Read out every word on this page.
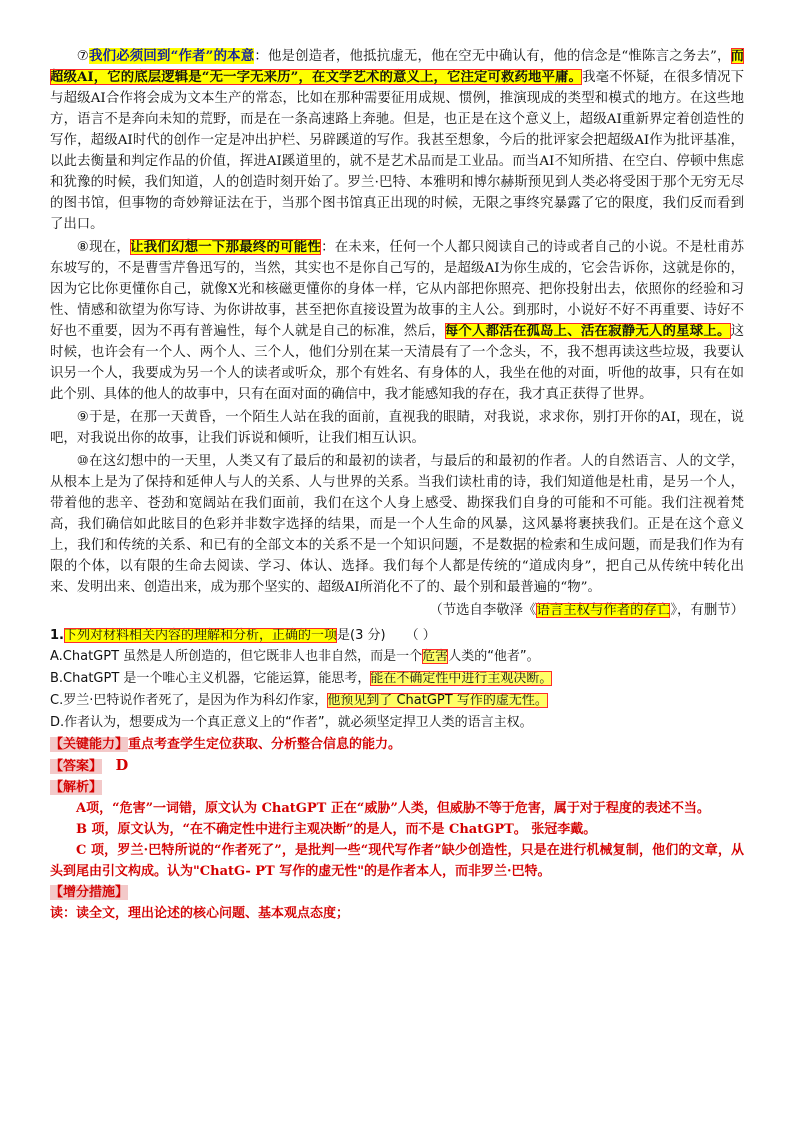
⑦我们必须回到“作者”的本意：他是创造者，他抵抗虚无，他在空无中确认有，他的信念是“惟陈言之务去”，而超级AI，它的底层逻辑是“无一字无来历”，在文学艺术的意义上，它注定可救药地平庸。我毫不怀疑，在很多情况下与超级AI合作将会成为文本生产的常态，比如在那种需要征用成规、惯例，推演现成的类型和模式的地方。在这些地方，语言不是奔向未知的荒野，而是在一条高速路上奔驰。但是，也正是在这个意义上，超级AI重新界定着创造性的写作，超级AI时代的创作一定是冲出护栏、另辟蹊道的写作。我甚至想象，今后的批评家会把超级AI作为批评基准，以此去衡量和判定作品的价值，挥进AI蹊道里的，就不是艺术品而是工业品。而当AI不知所措、在空白、停顿中焦虑和犹豫的时候，我们知道，人的创造时刻开始了。罗兰·巴特、本雅明和博尔赫斯预见到人类必将受困于那个无穷无尽的图书馆，但事物的奇妙辩证法在于，当那个图书馆真正出现的时候，无限之事终究暴露了它的限度，我们反而看到了出口。

⑧现在，让我们幻想一下那最终的可能性：在未来，任何一个人都只阅读自己的诗或者自己的小说。不是杜甫苏东坡写的，不是曹雪芹鲁迅写的，当然，其实也不是你自己写的，是超级AI为你生成的，它会告诉你，这就是你的，因为它比你更懂你自己，就像X光和核磁更懂你的身体一样，它从内部把你照亮、把你投射出去，依照你的经验和习性、情感和欲望为你写诗、为你讲故事，甚至把你直接设置为故事的主人公。到那时，小说好不好不再重要、诗好不好也不重要，因为不再有普遍性，每个人就是自己的标准，然后，每个人都活在孤岛上、活在寂静无人的星球上。这时候，也许会有一个人、两个人、三个人，他们分别在某一天清晨有了一个念头，不，我不想再读这些垃圾，我要认识另一个人，我要成为另一个人的读者或听众，那个有姓名、有身体的人，我坐在他的对面，听他的故事，只有在如此个别、具体的他人的故事中，只有在面对面的确信中，我才能感知我的存在，我才真正获得了世界。

⑨于是，在那一天黄昏，一个陌生人站在我的面前，直视我的眼睛，对我说，求求你，别打开你的AI，现在，说吧，对我说出你的故事，让我们诉说和倾听，让我们相互认识。

⑩在这幻想中的一天里，人类又有了最后的和最初的读者，与最后的和最初的作者。人的自然语言、人的文学，从根本上是为了保持和延伸人与人的关系、人与世界的关系。当我们读杜甫的诗，我们知道他是杜甫，是另一个人，带着他的悲辛、苍劲和宽阔站在我们面前，我们在这个人身上感受、勘探我们自身的可能和不可能。我们注视着梵高，我们确信如此眩目的色彩并非数字选择的结果，而是一个人生命的风暴，这风暴将裹挟我们。正是在这个意义上，我们和传统的关系、和已有的全部文本的关系不是一个知识问题，不是数据的检索和生成问题，而是我们作为有限的个体，以有限的生命去阅读、学习、体认、选择。我们每个人都是传统的“道成肉身”，把自己从传统中转化出来、发明出来、创造出来，成为那个坚实的、超级AI所消化不了的、最个别和最普遍的“物”。

（节选自李敬泽《语言主权与作者的存亡》，有删节）

1.下列对材料相关内容的理解和分析，正确的一项是(3 分) （ ）

A.ChatGPT 虽然是人所创造的，但它既非人也非自然，而是一个危害人类的“他者”。

B.ChatGPT 是一个唯心主义机器，它能运算，能思考，能在不确定性中进行主观决断。

C.罗兰·巴特说作者死了，是因为作为科幻作家，他预见到了 ChatGPT 写作的虚无性。

D.作者认为，想要成为一个真正意义上的“作者”，就必须坚定捍卫人类的语言主权。

【关键能力】重点考查学生定位获取、分析整合信息的能力。

【答案】 D

【解析】

A项，“危害”一词错，原文认为 ChatGPT 正在“威胁”人类，但威胁不等于危害，属于对于程度的表述不当。

B 项，原文认为，“在不确定性中进行主观决断”的是人，而不是 ChatGPT。 张冠李戴。

C 项，罗兰·巴特所说的“作者死了”，是批判一些“现代写作者”缺少创造性，只是在进行机械复制，他们的文章，从头到尾由引文构成。认为"ChatG- PT 写作的虚无性"的是作者本人，而非罗兰·巴特。

【增分措施】

读：读全文，理出论述的核心问题、基本观点态度；
